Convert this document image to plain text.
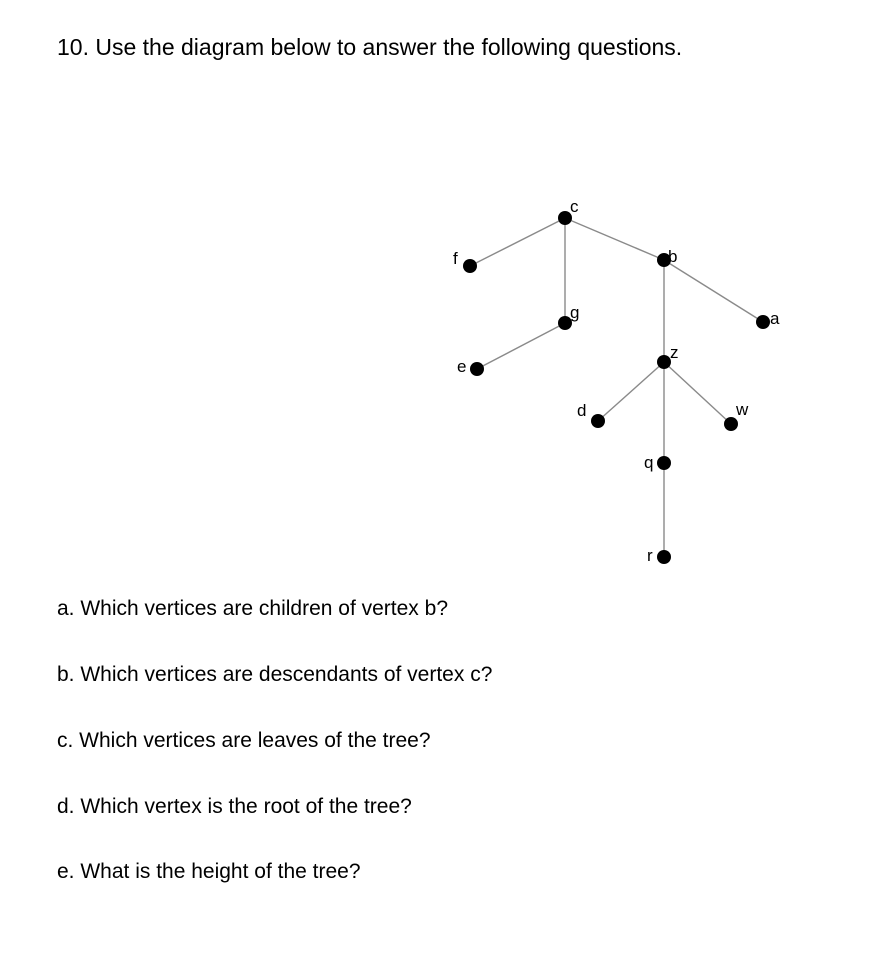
10. Use the diagram below to answer the following questions.
c
f
g
e
b
a
z
d	w
q
r
a. Which vertices are children of vertex b?
b. Which vertices are descendants of vertex c?
c. Which vertices are leaves of the tree?
d. Which vertex is the root of the tree?
e. What is the height of the tree?
